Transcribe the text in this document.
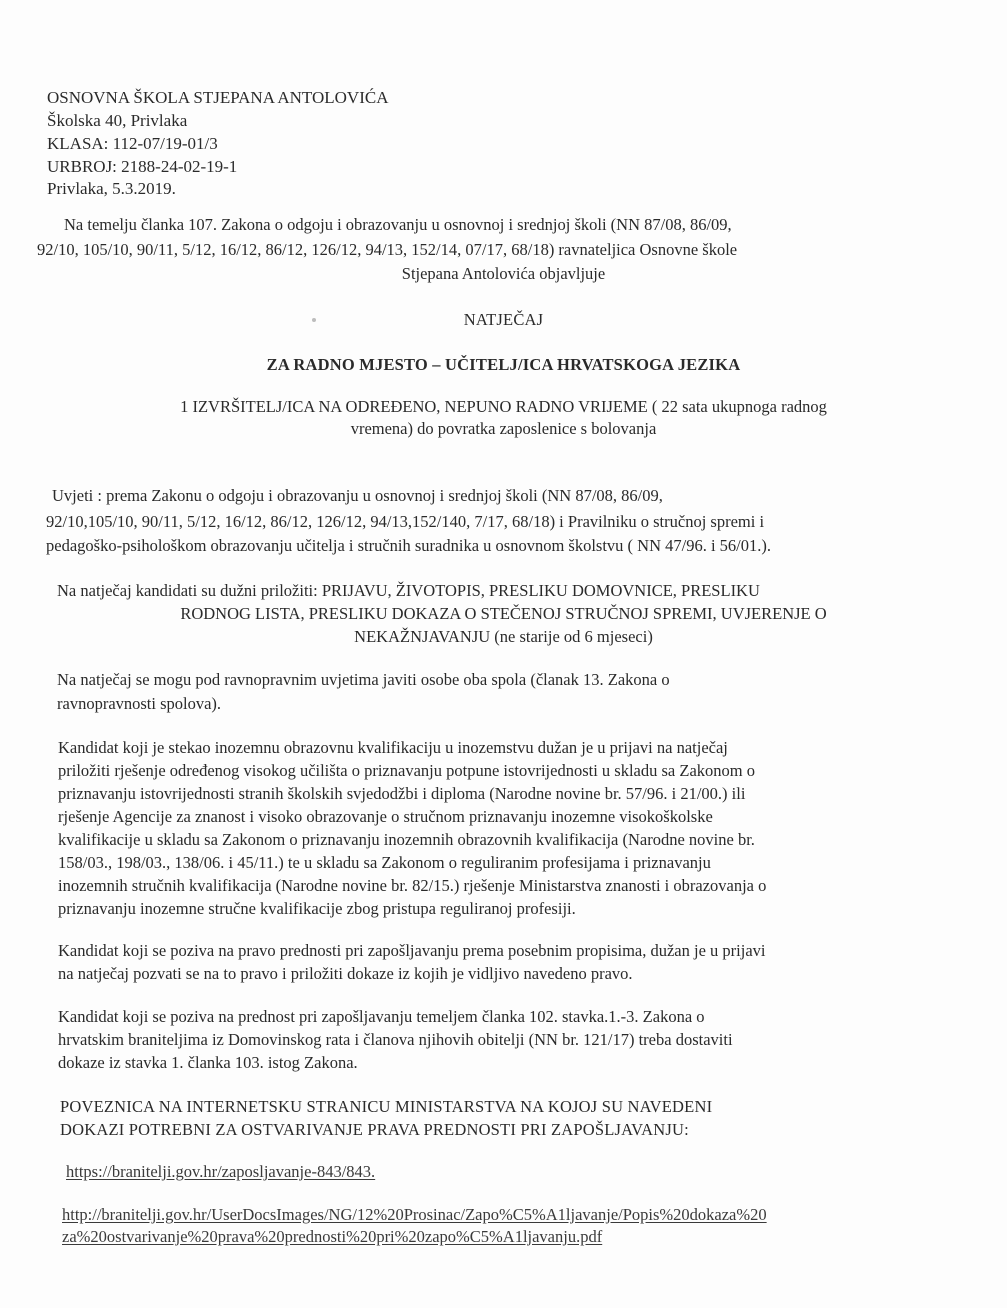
OSNOVNA ŠKOLA STJEPANA ANTOLOVIĆA
Školska 40, Privlaka
KLASA: 112-07/19-01/3
URBROJ: 2188-24-02-19-1
Privlaka, 5.3.2019.
Na temelju članka 107. Zakona o odgoju i obrazovanju u osnovnoj i srednjoj školi (NN 87/08, 86/09,
92/10, 105/10, 90/11, 5/12, 16/12, 86/12, 126/12, 94/13, 152/14, 07/17, 68/18) ravnateljica Osnovne škole
Stjepana Antolovića objavljuje
NATJEČAJ
ZA RADNO MJESTO – UČITELJ/ICA HRVATSKOGA JEZIKA
1 IZVRŠITELJ/ICA NA ODREĐENO, NEPUNO RADNO VRIJEME ( 22 sata ukupnoga radnog
vremena) do povratka zaposlenice s bolovanja
Uvjeti : prema Zakonu o odgoju i obrazovanju u osnovnoj i srednjoj školi (NN 87/08, 86/09,
92/10,105/10, 90/11, 5/12, 16/12, 86/12, 126/12, 94/13,152/140, 7/17, 68/18) i Pravilniku o stručnoj spremi i
pedagoško-psihološkom obrazovanju učitelja i stručnih suradnika u osnovnom školstvu ( NN 47/96. i 56/01.).
Na natječaj kandidati su dužni priložiti: PRIJAVU, ŽIVOTOPIS, PRESLIKU DOMOVNICE, PRESLIKU
RODNOG LISTA, PRESLIKU DOKAZA O STEČENOJ STRUČNOJ SPREMI, UVJERENJE O
NEKAŽNJAVANJU (ne starije od 6 mjeseci)
Na natječaj se mogu pod ravnopravnim uvjetima javiti osobe oba spola (članak 13. Zakona o
ravnopravnosti spolova).
Kandidat koji je stekao inozemnu obrazovnu kvalifikaciju u inozemstvu dužan je u prijavi na natječaj
priložiti rješenje određenog visokog učilišta o priznavanju potpune istovrijednosti u skladu sa Zakonom o
priznavanju istovrijednosti stranih školskih svjedodžbi i diploma (Narodne novine br. 57/96. i 21/00.) ili
rješenje Agencije za znanost i visoko obrazovanje o stručnom priznavanju inozemne visokoškolske
kvalifikacije u skladu sa Zakonom o priznavanju inozemnih obrazovnih kvalifikacija (Narodne novine br.
158/03., 198/03., 138/06. i 45/11.) te u skladu sa Zakonom o reguliranim profesijama i priznavanju
inozemnih stručnih kvalifikacija (Narodne novine br. 82/15.) rješenje Ministarstva znanosti i obrazovanja o
priznavanju inozemne stručne kvalifikacije zbog pristupa reguliranoj profesiji.
Kandidat koji se poziva na pravo prednosti pri zapošljavanju prema posebnim propisima, dužan je u prijavi
na natječaj pozvati se na to pravo i priložiti dokaze iz kojih je vidljivo navedeno pravo.
Kandidat koji se poziva na prednost pri zapošljavanju temeljem članka 102. stavka.1.-3. Zakona o
hrvatskim braniteljima iz Domovinskog rata i članova njihovih obitelji (NN br. 121/17) treba dostaviti
dokaze iz stavka 1. članka 103. istog Zakona.
POVEZNICA NA INTERNETSKU STRANICU MINISTARSTVA NA KOJOJ SU NAVEDENI
DOKAZI POTREBNI ZA OSTVARIVANJE PRAVA PREDNOSTI PRI ZAPOŠLJAVANJU:
https://branitelji.gov.hr/zaposljavanje-843/843.
http://branitelji.gov.hr/UserDocsImages/NG/12%20Prosinac/Zapo%C5%A1ljavanje/Popis%20dokaza%20
za%20ostvarivanje%20prava%20prednosti%20pri%20zapo%C5%A1ljavanju.pdf
